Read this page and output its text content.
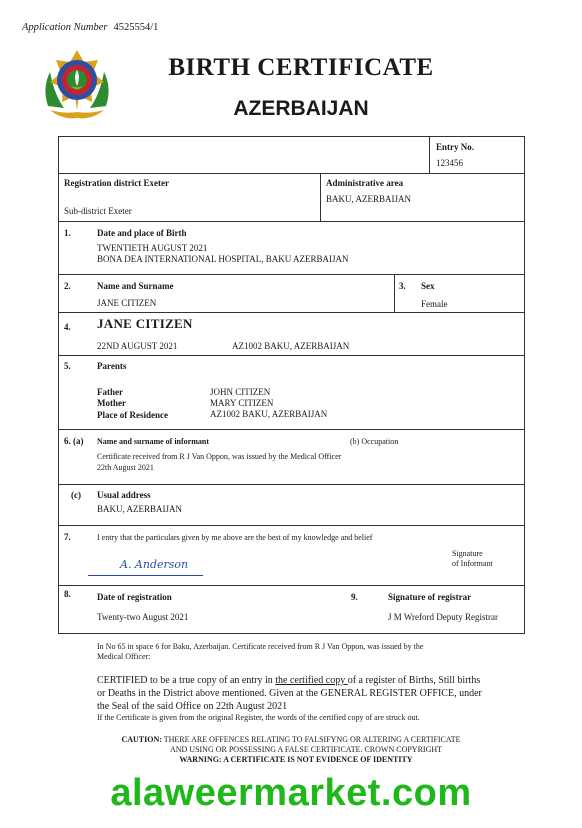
Application Number 4525554/1
BIRTH CERTIFICATE
AZERBAIJAN
Entry No.
123456
Registration district Exeter
Sub-district Exeter
Administrative area
BAKU, AZERBAIJAN
1.	Date and place of Birth
TWENTIETH AUGUST 2021
BONA DEA INTERNATIONAL HOSPITAL, BAKU AZERBAIJAN
2.	Name and Surname
JANE CITIZEN
3. Sex
Female
4. JANE CITIZEN
22ND AUGUST 2021	AZ1002 BAKU, AZERBAIJAN
5.	Parents
Father	JOHN CITIZEN
Mother	MARY CITIZEN
Place of Residence	AZ1002 BAKU, AZERBAIJAN
6. (a) Name and surname of informant	(b) Occupation
Certificate received from R J Van Oppon, was issued by the Medical Officer
22th August 2021
(c) Usual address
BAKU, AZERBAIJAN
7.	I entry that the particulars given by me above are the best of my knowledge and belief
A. Anderson
Signature
of Informant
8.	Date of registration
Twenty-two August 2021
9.	Signature of registrar
J M Wreford Deputy Registrar
In No 65 in space 6 for Baku, Azerbaijan. Certificate received from R J Van Oppon, was issued by the
Medical Officer:
CERTIFIED to be a true copy of an entry in the certified copy of a register of Births, Still births
or Deaths in the District above mentioned. Given at the GENERAL REGISTER OFFICE, under
the Seal of the said Office on 22th August 2021
If the Certificate is given from the original Register, the words of the certified copy of are struck out.
CAUTION: THERE ARE OFFENCES RELATING TO FALSIFYNG OR ALTERING A CERTIFICATE
AND USING OR POSSESSING A FALSE CERTIFICATE. CROWN COPYRIGHT
WARNING: A CERTIFICATE IS NOT EVIDENCE OF IDENTITY
alaweermarket.com
